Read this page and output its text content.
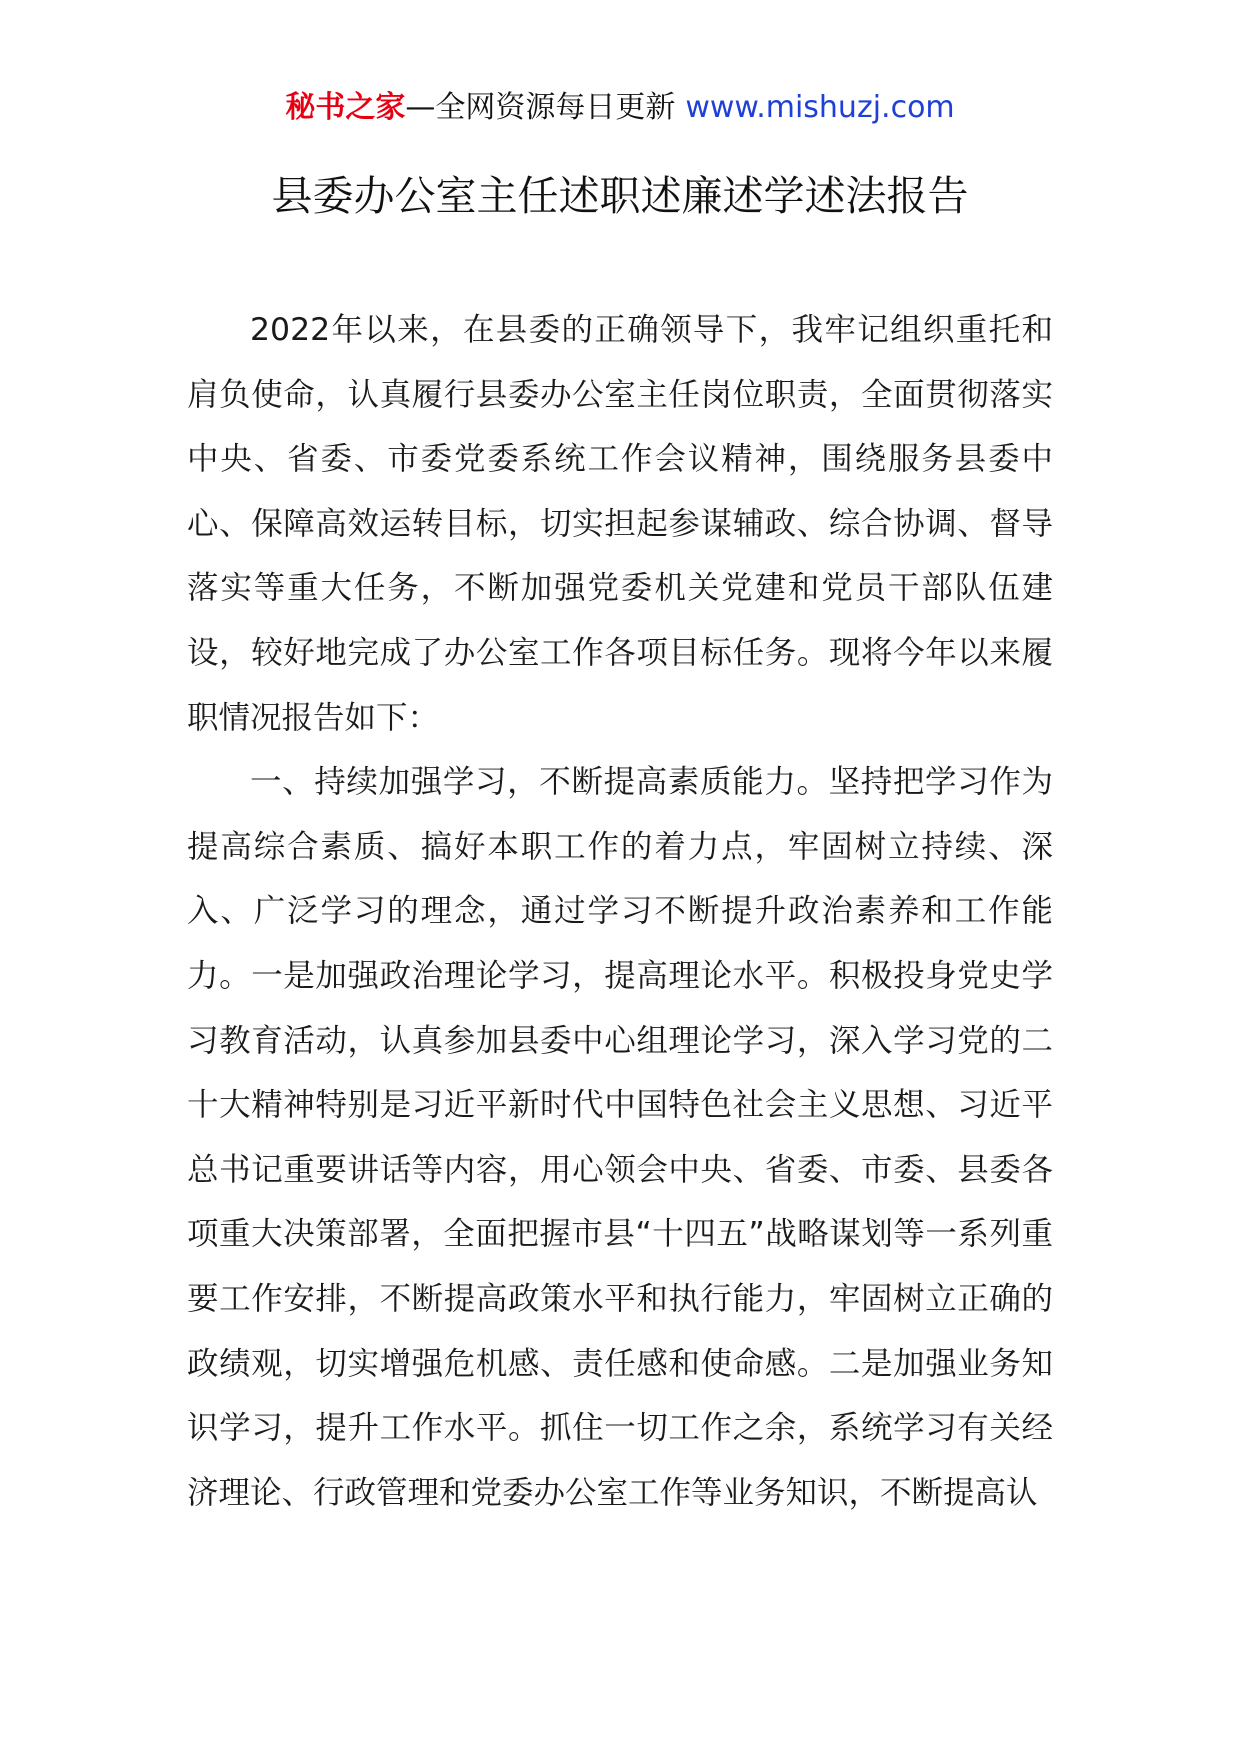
秘书之家—全网资源每日更新 www.mishuzj.com
县委办公室主任述职述廉述学述法报告

2022年以来，在县委的正确领导下，我牢记组织重托和肩负使命，认真履行县委办公室主任岗位职责，全面贯彻落实中央、省委、市委党委系统工作会议精神，围绕服务县委中心、保障高效运转目标，切实担起参谋辅政、综合协调、督导落实等重大任务，不断加强党委机关党建和党员干部队伍建设，较好地完成了办公室工作各项目标任务。现将今年以来履职情况报告如下：

一、持续加强学习，不断提高素质能力。坚持把学习作为提高综合素质、搞好本职工作的着力点，牢固树立持续、深入、广泛学习的理念，通过学习不断提升政治素养和工作能力。一是加强政治理论学习，提高理论水平。积极投身党史学习教育活动，认真参加县委中心组理论学习，深入学习党的二十大精神特别是习近平新时代中国特色社会主义思想、习近平总书记重要讲话等内容，用心领会中央、省委、市委、县委各项重大决策部署，全面把握市县“十四五”战略谋划等一系列重要工作安排，不断提高政策水平和执行能力，牢固树立正确的政绩观，切实增强危机感、责任感和使命感。二是加强业务知识学习，提升工作水平。抓住一切工作之余，系统学习有关经济理论、行政管理和党委办公室工作等业务知识，不断提高认
